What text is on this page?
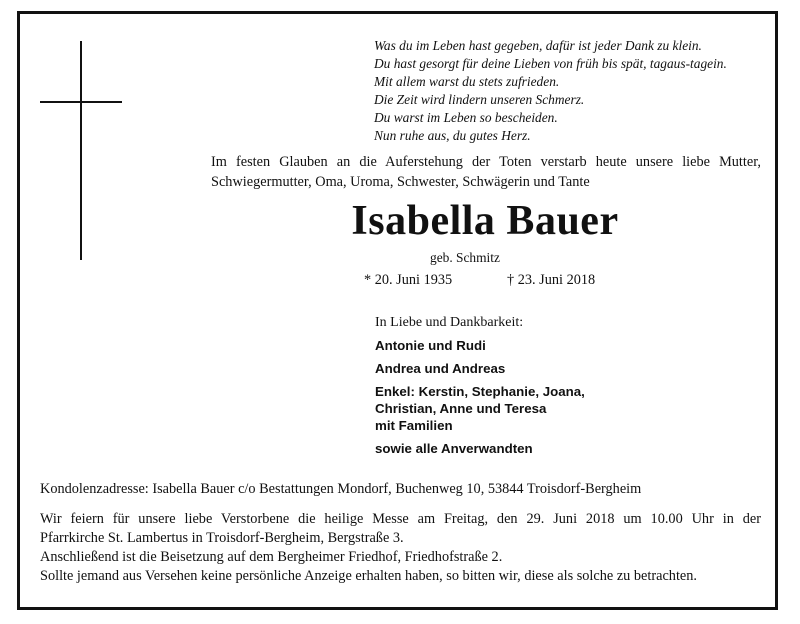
Was du im Leben hast gegeben, dafür ist jeder Dank zu klein.
Du hast gesorgt für deine Lieben von früh bis spät, tagaus-tagein.
Mit allem warst du stets zufrieden.
Die Zeit wird lindern unseren Schmerz.
Du warst im Leben so bescheiden.
Nun ruhe aus, du gutes Herz.
Im festen Glauben an die Auferstehung der Toten verstarb heute unsere liebe Mutter,
Schwiegermutter, Oma, Uroma, Schwester, Schwägerin und Tante
Isabella Bauer
geb. Schmitz
* 20. Juni 1935	† 23. Juni 2018
In Liebe und Dankbarkeit:
Antonie und Rudi
Andrea und Andreas
Enkel: Kerstin, Stephanie, Joana,
Christian, Anne und Teresa
mit Familien
sowie alle Anverwandten
Kondolenzadresse: Isabella Bauer c/o Bestattungen Mondorf, Buchenweg 10, 53844 Troisdorf-Bergheim
Wir feiern für unsere liebe Verstorbene die heilige Messe am Freitag, den 29. Juni 2018 um 10.00 Uhr in der
Pfarrkirche St. Lambertus in Troisdorf-Bergheim, Bergstraße 3.
Anschließend ist die Beisetzung auf dem Bergheimer Friedhof, Friedhofstraße 2.
Sollte jemand aus Versehen keine persönliche Anzeige erhalten haben, so bitten wir, diese als solche zu betrachten.
